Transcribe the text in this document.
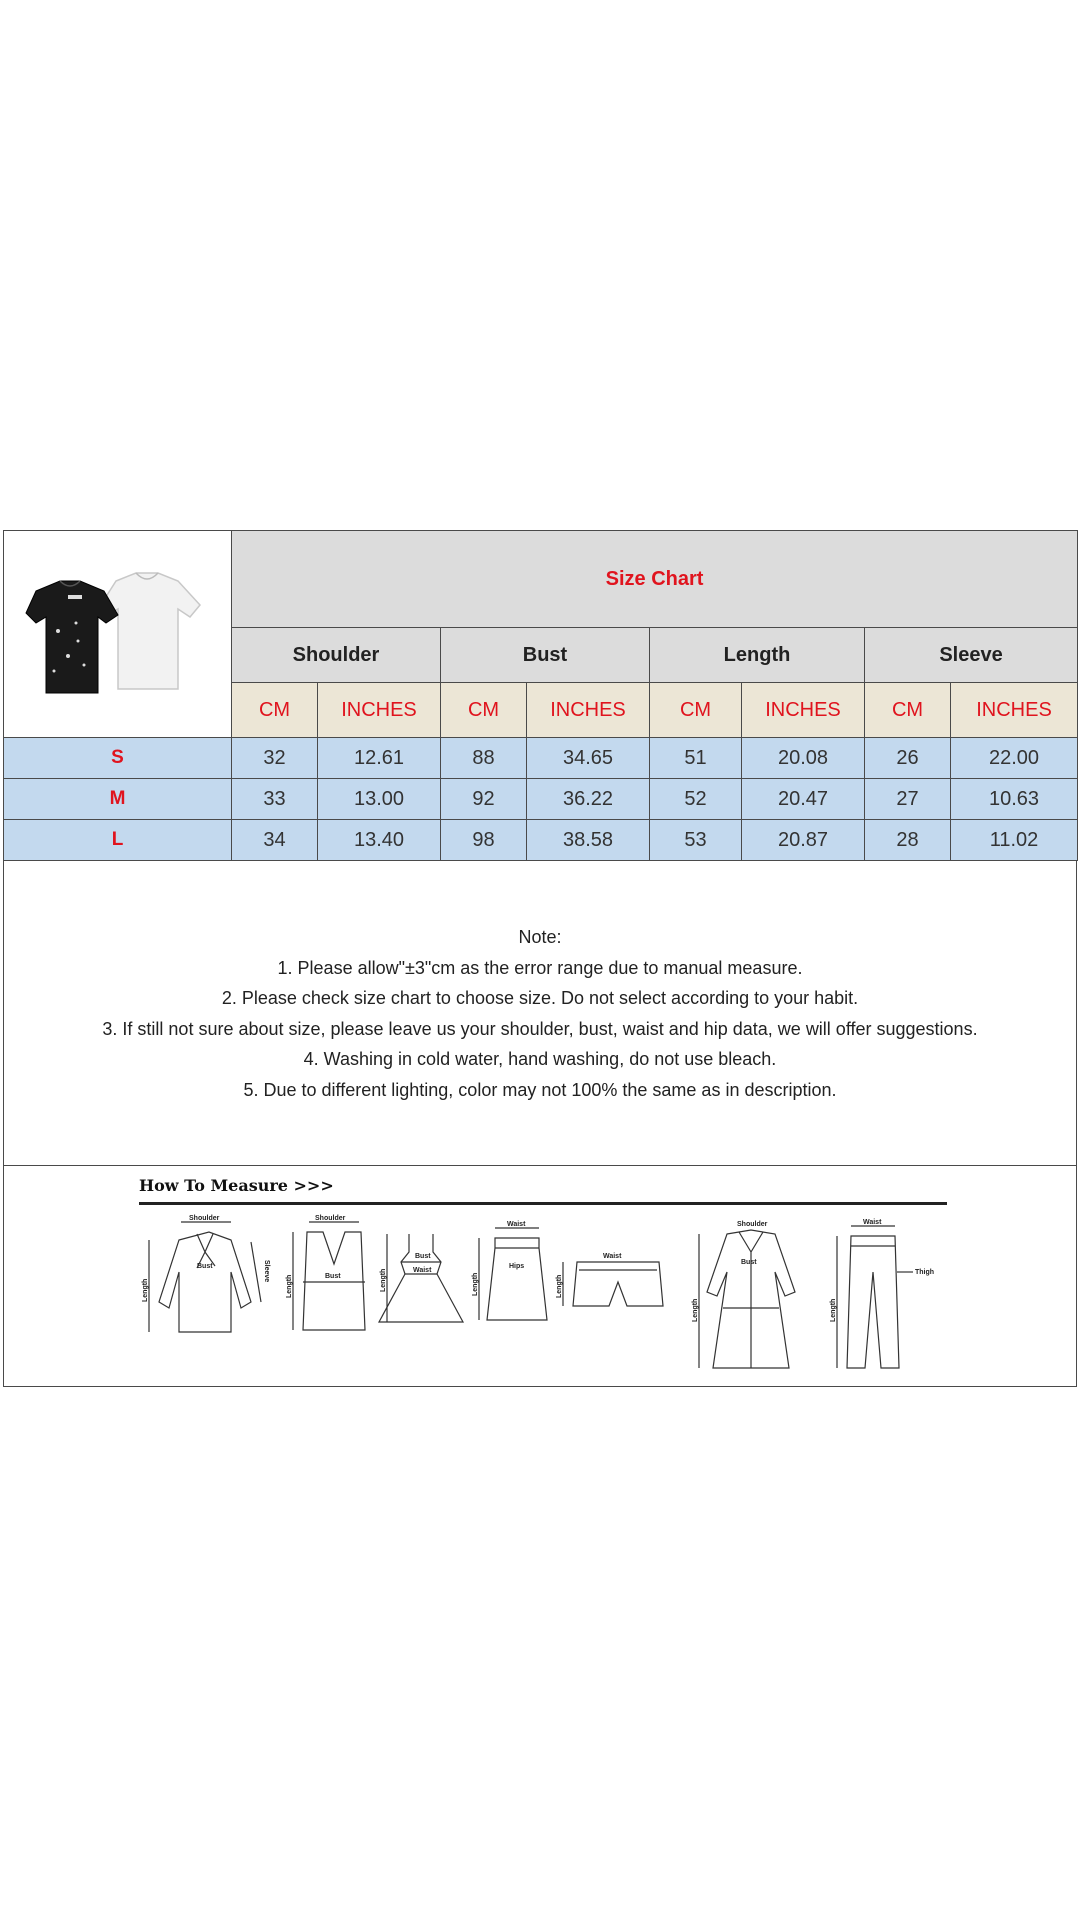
	Size Chart							
	Shoulder		Bust		Length		Sleeve	
	CM	INCHES	CM	INCHES	CM	INCHES	CM	INCHES
S	32	12.61	88	34.65	51	20.08	26	22.00
M	33	13.00	92	36.22	52	20.47	27	10.63
L	34	13.40	98	38.58	53	20.87	28	11.02
Note:
1. Please allow"±3"cm as the error range due to manual measure.
2. Please check size chart to choose size. Do not select according to your habit.
3. If still not sure about size, please leave us your shoulder, bust, waist and hip data, we will offer suggestions.
4. Washing in cold water, hand washing, do not use bleach.
5. Due to different lighting, color may not 100% the same as in description.
How To Measure >>>
Shoulder
Bust
Length
Sleeve
Shoulder
Bust
Length
Bust
Waist
Length
Waist
Hips
Length
Waist
Length
Shoulder
Bust
Length
Waist
Thigh
Length
